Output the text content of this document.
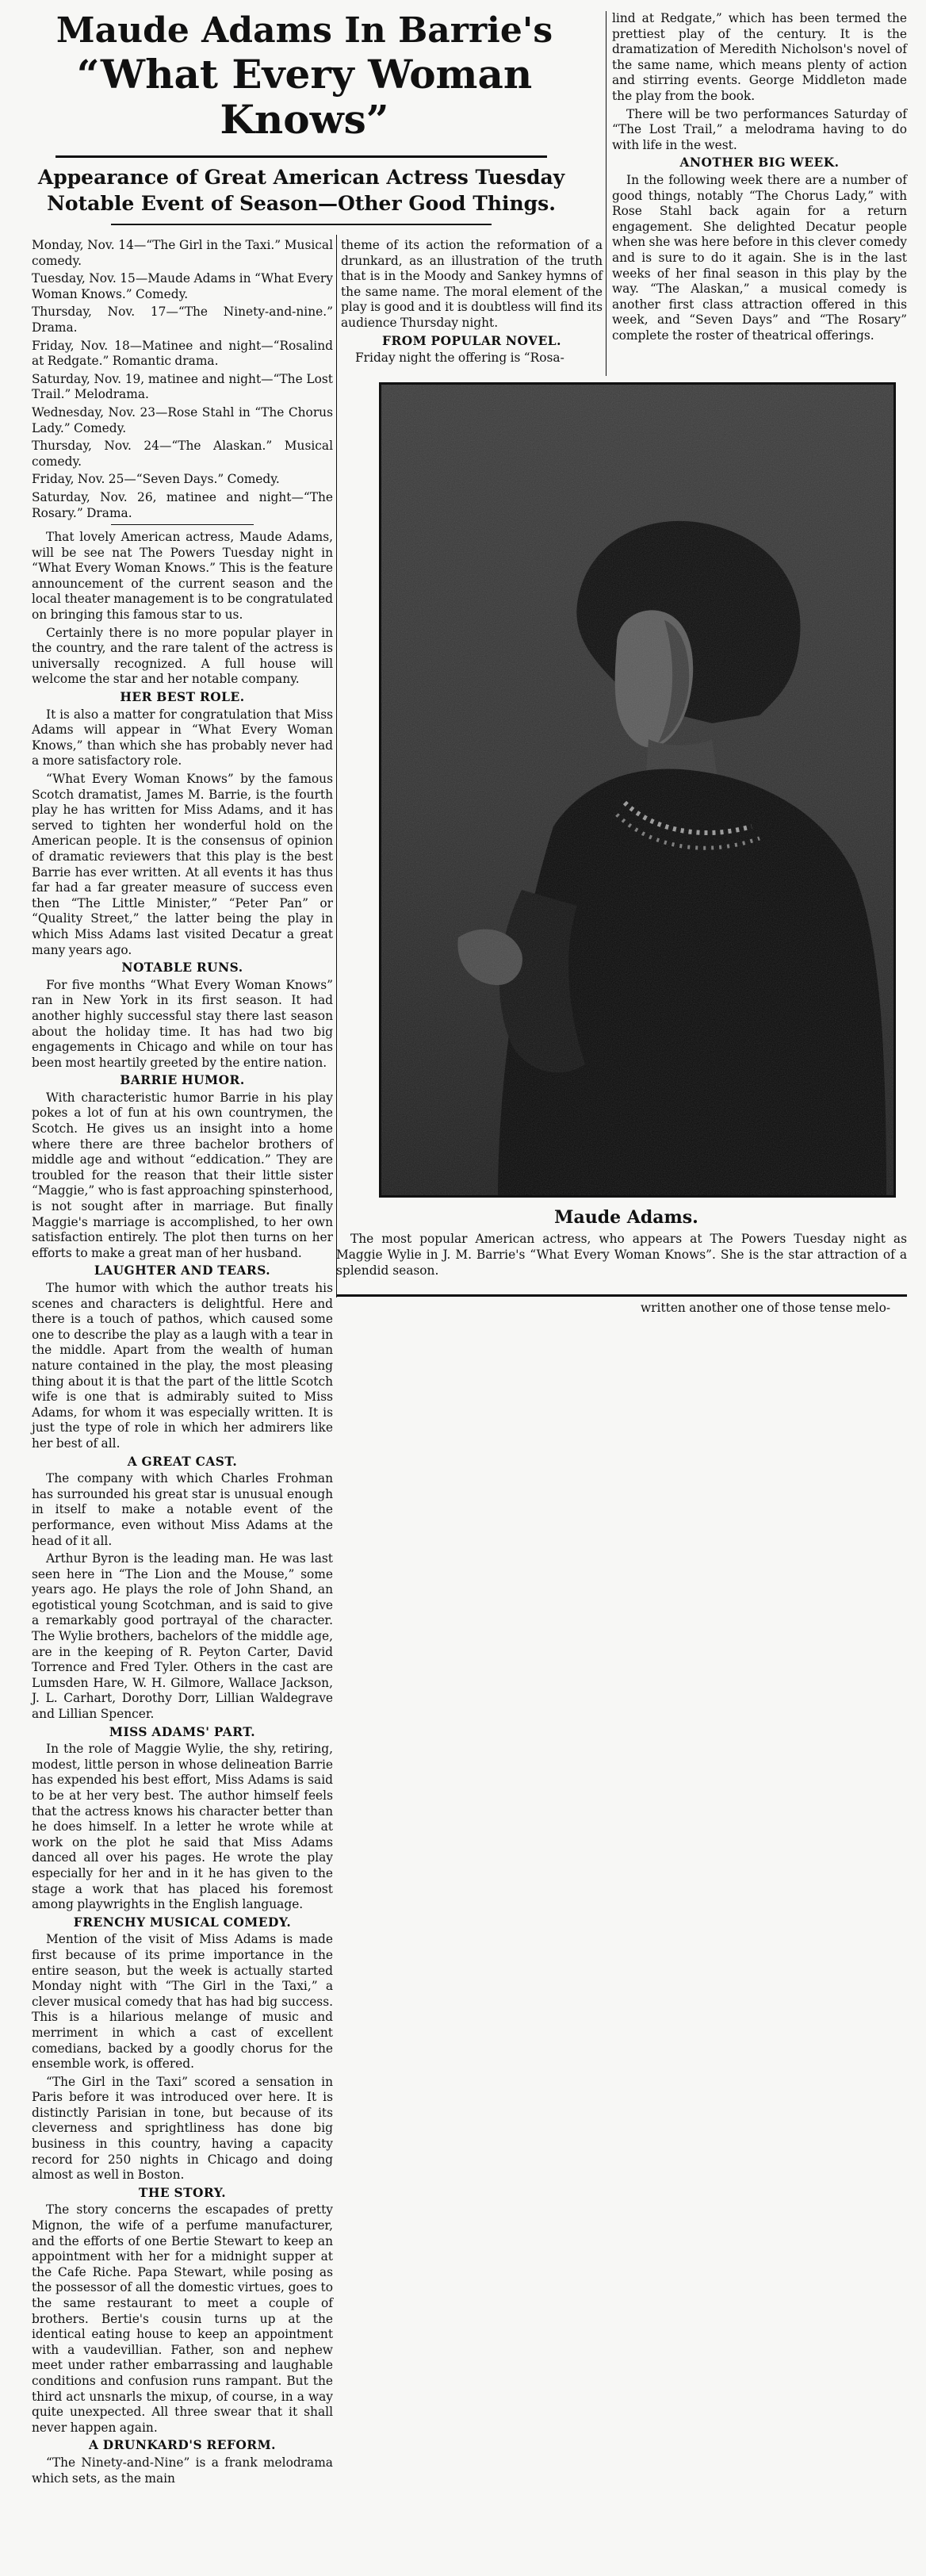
Maude Adams In Barrie's
“What Every Woman Knows”
Appearance of Great American Actress Tuesday Notable Event of Season—Other Good Things.

Monday, Nov. 14—“The Girl in the Taxi.” Musical comedy.

Tuesday, Nov. 15—Maude Adams in “What Every Woman Knows.” Comedy.

Thursday, Nov. 17—“The Ninety-and-nine.” Drama.

Friday, Nov. 18—Matinee and night—“Rosalind at Redgate.” Romantic drama.

Saturday, Nov. 19, matinee and night—“The Lost Trail.” Melodrama.

Wednesday, Nov. 23—Rose Stahl in “The Chorus Lady.” Comedy.

Thursday, Nov. 24—“The Alaskan.” Musical comedy.

Friday, Nov. 25—“Seven Days.” Comedy.

Saturday, Nov. 26, matinee and night—“The Rosary.” Drama.

That lovely American actress, Maude Adams, will be see nat The Powers Tuesday night in “What Every Woman Knows.” This is the feature announcement of the current season and the local theater management is to be congratulated on bringing this famous star to us.

Certainly there is no more popular player in the country, and the rare talent of the actress is universally recognized. A full house will welcome the star and her notable company.

HER BEST ROLE.

It is also a matter for congratulation that Miss Adams will appear in “What Every Woman Knows,” than which she has probably never had a more satisfactory role.

“What Every Woman Knows” by the famous Scotch dramatist, James M. Barrie, is the fourth play he has written for Miss Adams, and it has served to tighten her wonderful hold on the American people. It is the consensus of opinion of dramatic reviewers that this play is the best Barrie has ever written. At all events it has thus far had a far greater measure of success even then “The Little Minister,” “Peter Pan” or “Quality Street,” the latter being the play in which Miss Adams last visited Decatur a great many years ago.

NOTABLE RUNS.

For five months “What Every Woman Knows” ran in New York in its first season. It had another highly successful stay there last season about the holiday time. It has had two big engagements in Chicago and while on tour has been most heartily greeted by the entire nation.

BARRIE HUMOR.

With characteristic humor Barrie in his play pokes a lot of fun at his own countrymen, the Scotch. He gives us an insight into a home where there are three bachelor brothers of middle age and without “eddication.” They are troubled for the reason that their little sister “Maggie,” who is fast approaching spinsterhood, is not sought after in marriage. But finally Maggie's marriage is accomplished, to her own satisfaction entirely. The plot then turns on her efforts to make a great man of her husband.

LAUGHTER AND TEARS.

The humor with which the author treats his scenes and characters is delightful. Here and there is a touch of pathos, which caused some one to describe the play as a laugh with a tear in the middle. Apart from the wealth of human nature contained in the play, the most pleasing thing about it is that the part of the little Scotch wife is one that is admirably suited to Miss Adams, for whom it was especially written. It is just the type of role in which her admirers like her best of all.

A GREAT CAST.

The company with which Charles Frohman has surrounded his great star is unusual enough in itself to make a notable event of the performance, even without Miss Adams at the head of it all.

Arthur Byron is the leading man. He was last seen here in “The Lion and the Mouse,” some years ago. He plays the role of John Shand, an egotistical young Scotchman, and is said to give a remarkably good portrayal of the character. The Wylie brothers, bachelors of the middle age, are in the keeping of R. Peyton Carter, David Torrence and Fred Tyler. Others in the cast are Lumsden Hare, W. H. Gilmore, Wallace Jackson, J. L. Carhart, Dorothy Dorr, Lillian Waldegrave and Lillian Spencer.

MISS ADAMS' PART.

In the role of Maggie Wylie, the shy, retiring, modest, little person in whose delineation Barrie has expended his best effort, Miss Adams is said to be at her very best. The author himself feels that the actress knows his character better than he does himself. In a letter he wrote while at work on the plot he said that Miss Adams danced all over his pages. He wrote the play especially for her and in it he has given to the stage a work that has placed his foremost among playwrights in the English language.

FRENCHY MUSICAL COMEDY.

Mention of the visit of Miss Adams is made first because of its prime importance in the entire season, but the week is actually started Monday night with “The Girl in the Taxi,” a clever musical comedy that has had big success. This is a hilarious melange of music and merriment in which a cast of excellent comedians, backed by a goodly chorus for the ensemble work, is offered.

“The Girl in the Taxi” scored a sensation in Paris before it was introduced over here. It is distinctly Parisian in tone, but because of its cleverness and sprightliness has done big business in this country, having a capacity record for 250 nights in Chicago and doing almost as well in Boston.

THE STORY.

The story concerns the escapades of pretty Mignon, the wife of a perfume manufacturer, and the efforts of one Bertie Stewart to keep an appointment with her for a midnight supper at the Cafe Riche. Papa Stewart, while posing as the possessor of all the domestic virtues, goes to the same restaurant to meet a couple of brothers. Bertie's cousin turns up at the identical eating house to keep an appointment with a vaudevillian. Father, son and nephew meet under rather embarrassing and laughable conditions and confusion runs rampant. But the third act unsnarls the mixup, of course, in a way quite unexpected. All three swear that it shall never happen again.

A DRUNKARD'S REFORM.

“The Ninety-and-Nine” is a frank melodrama which sets, as the main

theme of its action the reformation of a drunkard, as an illustration of the truth that is in the Moody and Sankey hymns of the same name. The moral element of the play is good and it is doubtless will find its audience Thursday night.

FROM POPULAR NOVEL.

Friday night the offering is “Rosa-

lind at Redgate,” which has been termed the prettiest play of the century. It is the dramatization of Meredith Nicholson's novel of the same name, which means plenty of action and stirring events. George Middleton made the play from the book.

There will be two performances Saturday of “The Lost Trail,” a melodrama having to do with life in the west.

ANOTHER BIG WEEK.

In the following week there are a number of good things, notably “The Chorus Lady,” with Rose Stahl back again for a return engagement. She delighted Decatur people when she was here before in this clever comedy and is sure to do it again. She is in the last weeks of her final season in this play by the way. “The Alaskan,” a musical comedy is another first class attraction offered in this week, and “Seven Days” and “The Rosary” complete the roster of theatrical offerings.

Maude Adams.
The most popular American actress, who appears at The Powers Tuesday night as Maggie Wylie in J. M. Barrie's “What Every Woman Knows”. She is the star attraction of a splendid season.

written another one of those tense melo-
